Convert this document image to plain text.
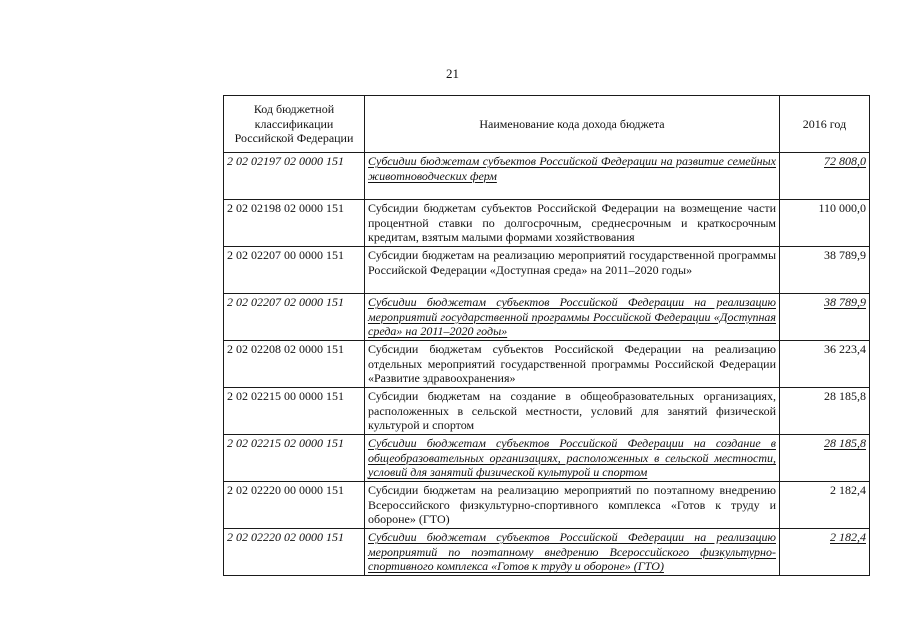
21
Код бюджетной классификации Российской Федерации	Наименование кода дохода бюджета	2016 год
2 02 02197 02 0000 151	Субсидии бюджетам субъектов Российской Федерации на развитие семейных животноводческих ферм	72 808,0
2 02 02198 02 0000 151	Субсидии бюджетам субъектов Российской Федерации на возмещение части процентной ставки по долгосрочным, среднесрочным и краткосрочным кредитам, взятым малыми формами хозяйствования	110 000,0
2 02 02207 00 0000 151	Субсидии бюджетам на реализацию мероприятий государственной программы Российской Федерации «Доступная среда» на 2011–2020 годы»	38 789,9
2 02 02207 02 0000 151	Субсидии бюджетам субъектов Российской Федерации на реализацию мероприятий государственной программы Российской Федерации «Доступная среда» на 2011–2020 годы»	38 789,9
2 02 02208 02 0000 151	Субсидии бюджетам субъектов Российской Федерации на реализацию отдельных мероприятий государственной программы Российской Федерации «Развитие здравоохранения»	36 223,4
2 02 02215 00 0000 151	Субсидии бюджетам на создание в общеобразовательных организациях, расположенных в сельской местности, условий для занятий физической культурой и спортом	28 185,8
2 02 02215 02 0000 151	Субсидии бюджетам субъектов Российской Федерации на создание в общеобразовательных организациях, расположенных в сельской местности, условий для занятий физической культурой и спортом	28 185,8
2 02 02220 00 0000 151	Субсидии бюджетам на реализацию мероприятий по поэтапному внедрению Всероссийского физкультурно-спортивного комплекса «Готов к труду и обороне» (ГТО)	2 182,4
2 02 02220 02 0000 151	Субсидии бюджетам субъектов Российской Федерации на реализацию мероприятий по поэтапному внедрению Всероссийского физкультурно-спортивного комплекса «Готов к труду и обороне» (ГТО)	2 182,4
